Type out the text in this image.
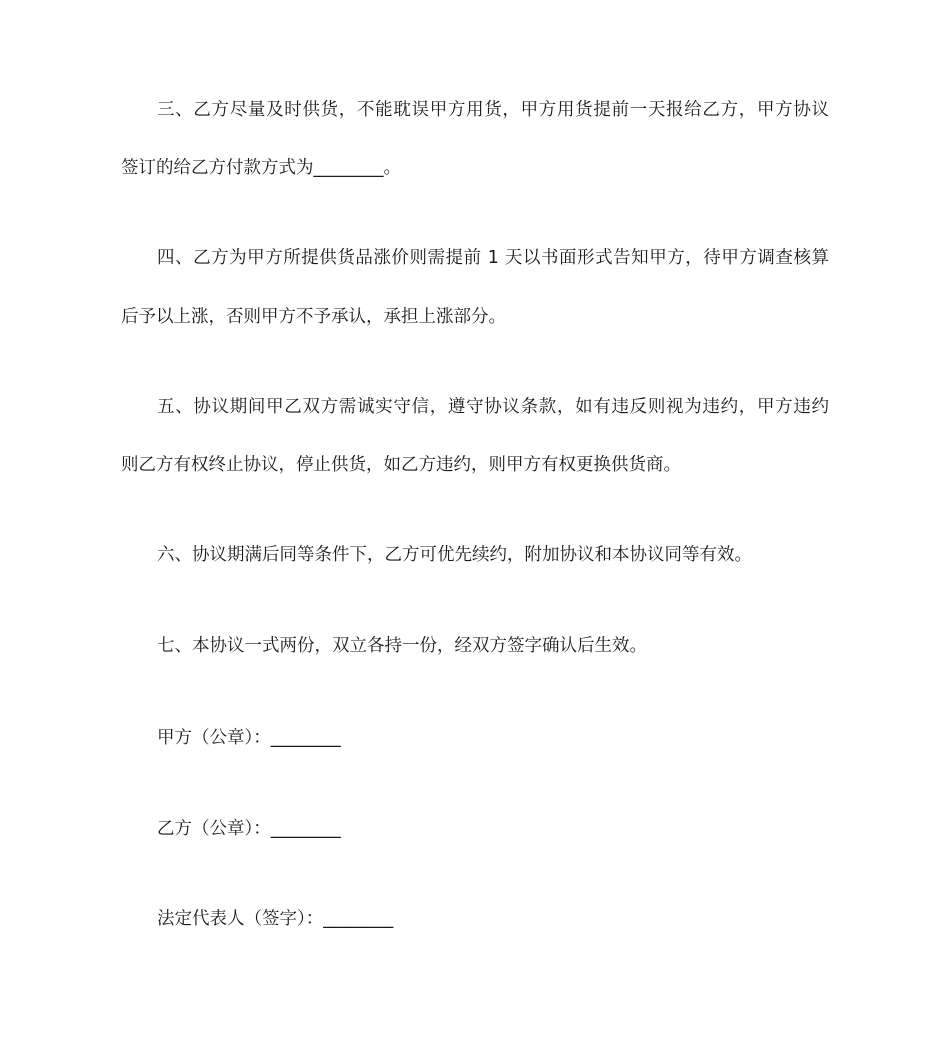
三、乙方尽量及时供货，不能耽误甲方用货，甲方用货提前一天报给乙方，甲方协议
签订的给乙方付款方式为________。
四、乙方为甲方所提供货品涨价则需提前 1 天以书面形式告知甲方，待甲方调查核算
后予以上涨，否则甲方不予承认，承担上涨部分。
五、协议期间甲乙双方需诚实守信，遵守协议条款，如有违反则视为违约，甲方违约
则乙方有权终止协议，停止供货，如乙方违约，则甲方有权更换供货商。
六、协议期满后同等条件下，乙方可优先续约，附加协议和本协议同等有效。
七、本协议一式两份，双立各持一份，经双方签字确认后生效。
甲方（公章）：________
乙方（公章）：________
法定代表人（签字）：________
